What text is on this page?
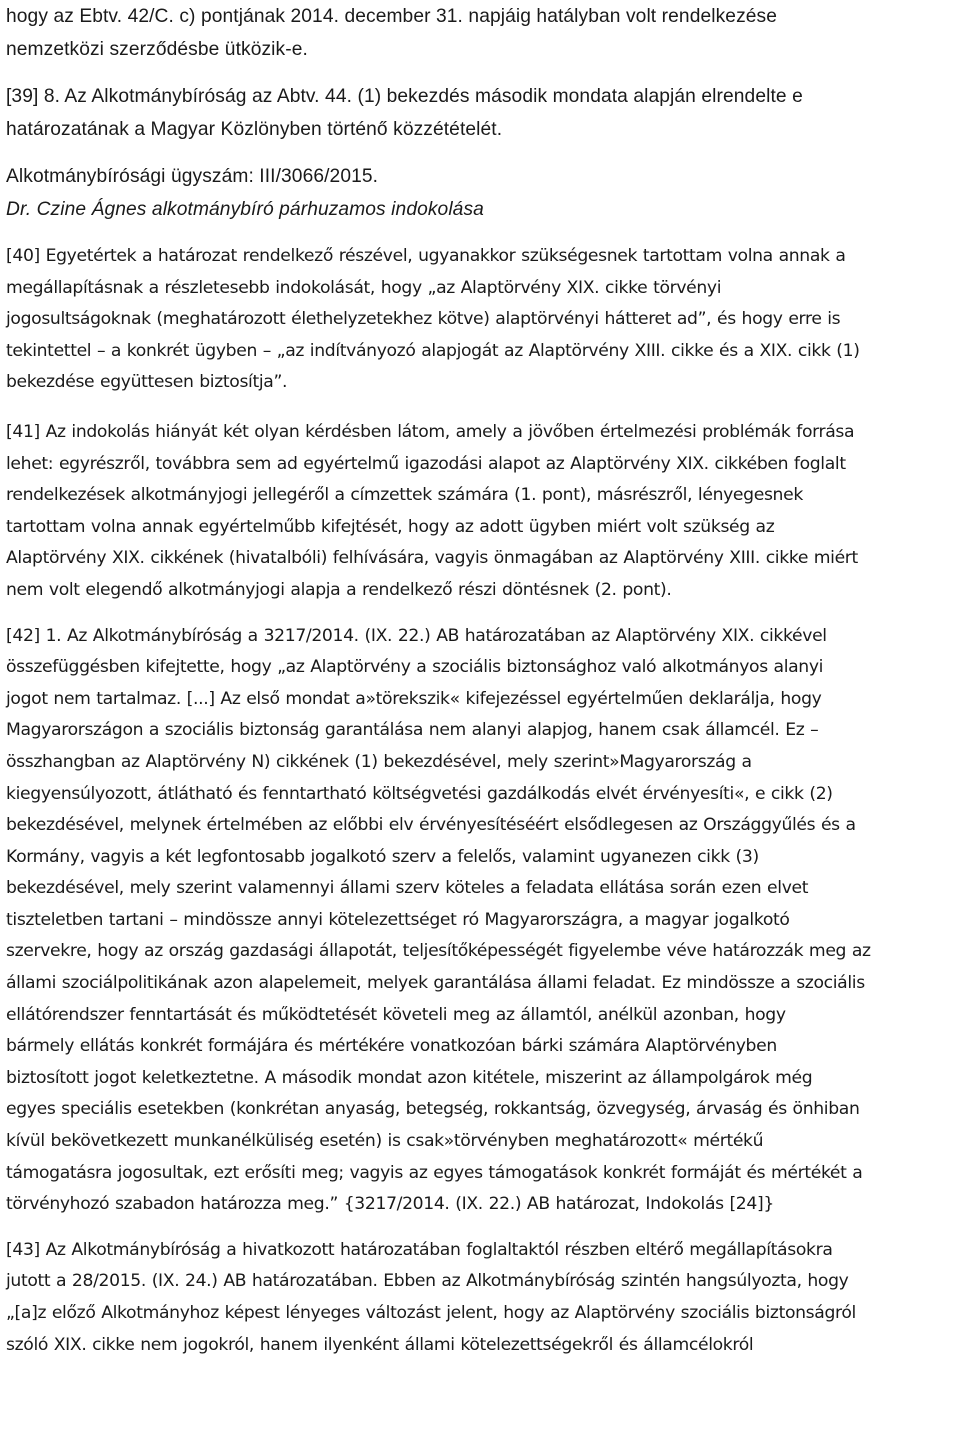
hogy az Ebtv. 42/C. c) pontjának 2014. december 31. napjáig hatályban volt rendelkezése

nemzetközi szerződésbe ütközik-e.

[39] 8. Az Alkotmánybíróság az Abtv. 44. (1) bekezdés második mondata alapján elrendelte e

határozatának a Magyar Közlönyben történő közzétételét.

Alkotmánybírósági ügyszám: III/3066/2015.

Dr. Czine Ágnes alkotmánybíró párhuzamos indokolása

[40] Egyetértek a határozat rendelkező részével, ugyanakkor szükségesnek tartottam volna annak a

megállapításnak a részletesebb indokolását, hogy „az Alaptörvény XIX. cikke törvényi

jogosultságoknak (meghatározott élethelyzetekhez kötve) alaptörvényi hátteret ad”, és hogy erre is

tekintettel – a konkrét ügyben – „az indítványozó alapjogát az Alaptörvény XIII. cikke és a XIX. cikk (1)

bekezdése együttesen biztosítja”.

[41] Az indokolás hiányát két olyan kérdésben látom, amely a jövőben értelmezési problémák forrása

lehet: egyrészről, továbbra sem ad egyértelmű igazodási alapot az Alaptörvény XIX. cikkében foglalt

rendelkezések alkotmányjogi jellegéről a címzettek számára (1. pont), másrészről, lényegesnek

tartottam volna annak egyértelműbb kifejtését, hogy az adott ügyben miért volt szükség az

Alaptörvény XIX. cikkének (hivatalbóli) felhívására, vagyis önmagában az Alaptörvény XIII. cikke miért

nem volt elegendő alkotmányjogi alapja a rendelkező részi döntésnek (2. pont).

[42] 1. Az Alkotmánybíróság a 3217/2014. (IX. 22.) AB határozatában az Alaptörvény XIX. cikkével

összefüggésben kifejtette, hogy „az Alaptörvény a szociális biztonsághoz való alkotmányos alanyi

jogot nem tartalmaz. [...] Az első mondat a»törekszik« kifejezéssel egyértelműen deklarálja, hogy

Magyarországon a szociális biztonság garantálása nem alanyi alapjog, hanem csak államcél. Ez –

összhangban az Alaptörvény N) cikkének (1) bekezdésével, mely szerint»Magyarország a

kiegyensúlyozott, átlátható és fenntartható költségvetési gazdálkodás elvét érvényesíti«, e cikk (2)

bekezdésével, melynek értelmében az előbbi elv érvényesítéséért elsődlegesen az Országgyűlés és a

Kormány, vagyis a két legfontosabb jogalkotó szerv a felelős, valamint ugyanezen cikk (3)

bekezdésével, mely szerint valamennyi állami szerv köteles a feladata ellátása során ezen elvet

tiszteletben tartani – mindössze annyi kötelezettséget ró Magyarországra, a magyar jogalkotó

szervekre, hogy az ország gazdasági állapotát, teljesítőképességét figyelembe véve határozzák meg az

állami szociálpolitikának azon alapelemeit, melyek garantálása állami feladat. Ez mindössze a szociális

ellátórendszer fenntartását és működtetését követeli meg az államtól, anélkül azonban, hogy

bármely ellátás konkrét formájára és mértékére vonatkozóan bárki számára Alaptörvényben

biztosított jogot keletkeztetne. A második mondat azon kitétele, miszerint az állampolgárok még

egyes speciális esetekben (konkrétan anyaság, betegség, rokkantság, özvegység, árvaság és önhiban

kívül bekövetkezett munkanélküliség esetén) is csak»törvényben meghatározott« mértékű

támogatásra jogosultak, ezt erősíti meg; vagyis az egyes támogatások konkrét formáját és mértékét a

törvényhozó szabadon határozza meg.” {3217/2014. (IX. 22.) AB határozat, Indokolás [24]}

[43] Az Alkotmánybíróság a hivatkozott határozatában foglaltaktól részben eltérő megállapításokra

jutott a 28/2015. (IX. 24.) AB határozatában. Ebben az Alkotmánybíróság szintén hangsúlyozta, hogy

„[a]z előző Alkotmányhoz képest lényeges változást jelent, hogy az Alaptörvény szociális biztonságról

szóló XIX. cikke nem jogokról, hanem ilyenként állami kötelezettségekről és államcélokról
